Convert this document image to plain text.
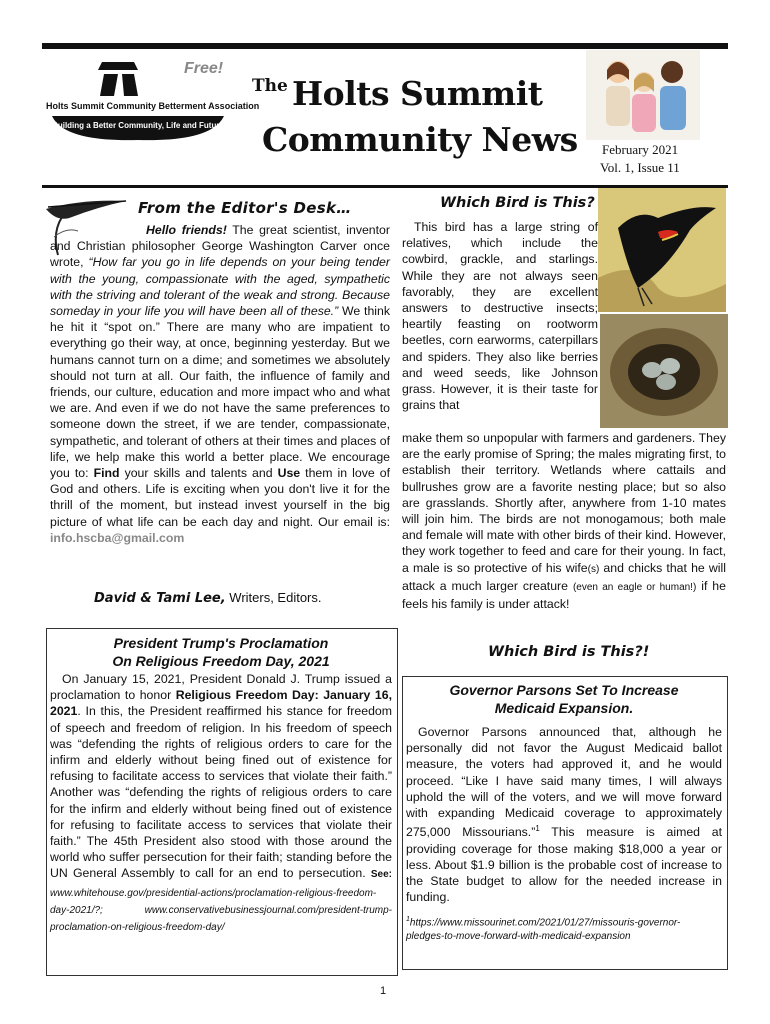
Holts Summit Community Betterment Association
Building a Better Community, Life and Future
Free!
The Holts Summit
Community News February 2021
Vol. 1, Issue 11
From the Editor's Desk…
Hello friends! The great scientist, inventor and Christian philosopher George Washington Carver once wrote, “How far you go in life depends on your being tender with the young, compassionate with the aged, sympathetic with the striving and tolerant of the weak and strong. Because someday in your life you will have been all of these.” We think he hit it “spot on.” There are many who are impatient to everything go their way, at once, beginning yesterday. But we humans cannot turn on a dime; and sometimes we absolutely should not turn at all. Our faith, the influence of family and friends, our culture, education and more impact who and what we are. And even if we do not have the same preferences to someone down the street, if we are tender, compassionate, sympathetic, and tolerant of others at their times and places of life, we help make this world a better place. We encourage you to: Find your skills and talents and Use them in love of God and others. Life is exciting when you don't live it for the thrill of the moment, but instead invest yourself in the big picture of what life can be each day and night. Our email is: info.hscba@gmail.com
David & Tami Lee, Writers, Editors.
Which Bird is This?
This bird has a large string of relatives, which include the cowbird, grackle, and starlings. While they are not always seen favorably, they are excellent answers to destructive insects; heartily feasting on rootworm beetles, corn earworms, caterpillars and spiders. They also like berries and weed seeds, like Johnson grass. However, it is their taste for grains that
make them so unpopular with farmers and gardeners. They are the early promise of Spring; the males migrating first, to establish their territory. Wetlands where cattails and bullrushes grow are a favorite nesting place; but so also are grasslands. Shortly after, anywhere from 1-10 mates will join him. The birds are not monogamous; both male and female will mate with other birds of their kind. However, they work together to feed and care for their young. In fact, a male is so protective of his wife(s) and chicks that he will attack a much larger creature (even an eagle or human!) if he feels his family is under attack!
Which Bird is This?!
President Trump's Proclamation
On Religious Freedom Day, 2021
On January 15, 2021, President Donald J. Trump issued a proclamation to honor Religious Freedom Day: January 16, 2021. In this, the President reaffirmed his stance for freedom of speech and freedom of religion. In his freedom of speech was “defending the rights of religious orders to care for the infirm and elderly without being fined out of existence for refusing to facilitate access to services that violate their faith.” Another was “defending the rights of religious orders to care for the infirm and elderly without being fined out of existence for refusing to facilitate access to services that violate their faith.” The 45th President also stood with those around the world who suffer persecution for their faith; standing before the UN General Assembly to call for an end to persecution. See: www.whitehouse.gov/presidential-actions/proclamation-religious-freedom-day-2021/?; www.conservativebusinessjournal.com/president-trump-proclamation-on-religious-freedom-day/
Governor Parsons Set To Increase
Medicaid Expansion.
Governor Parsons announced that, although he personally did not favor the August Medicaid ballot measure, the voters had approved it, and he would proceed. “Like I have said many times, I will always uphold the will of the voters, and we will move forward with expanding Medicaid coverage to approximately 275,000 Missourians.”$^1$ This measure is aimed at providing coverage for those making $18,000 a year or less. About $1.9 billion is the probable cost of increase to the State budget to allow for the needed increase in funding.
$^1$https://www.missourinet.com/2021/01/27/missouris-governor-pledges-to-move-forward-with-medicaid-expansion
1
